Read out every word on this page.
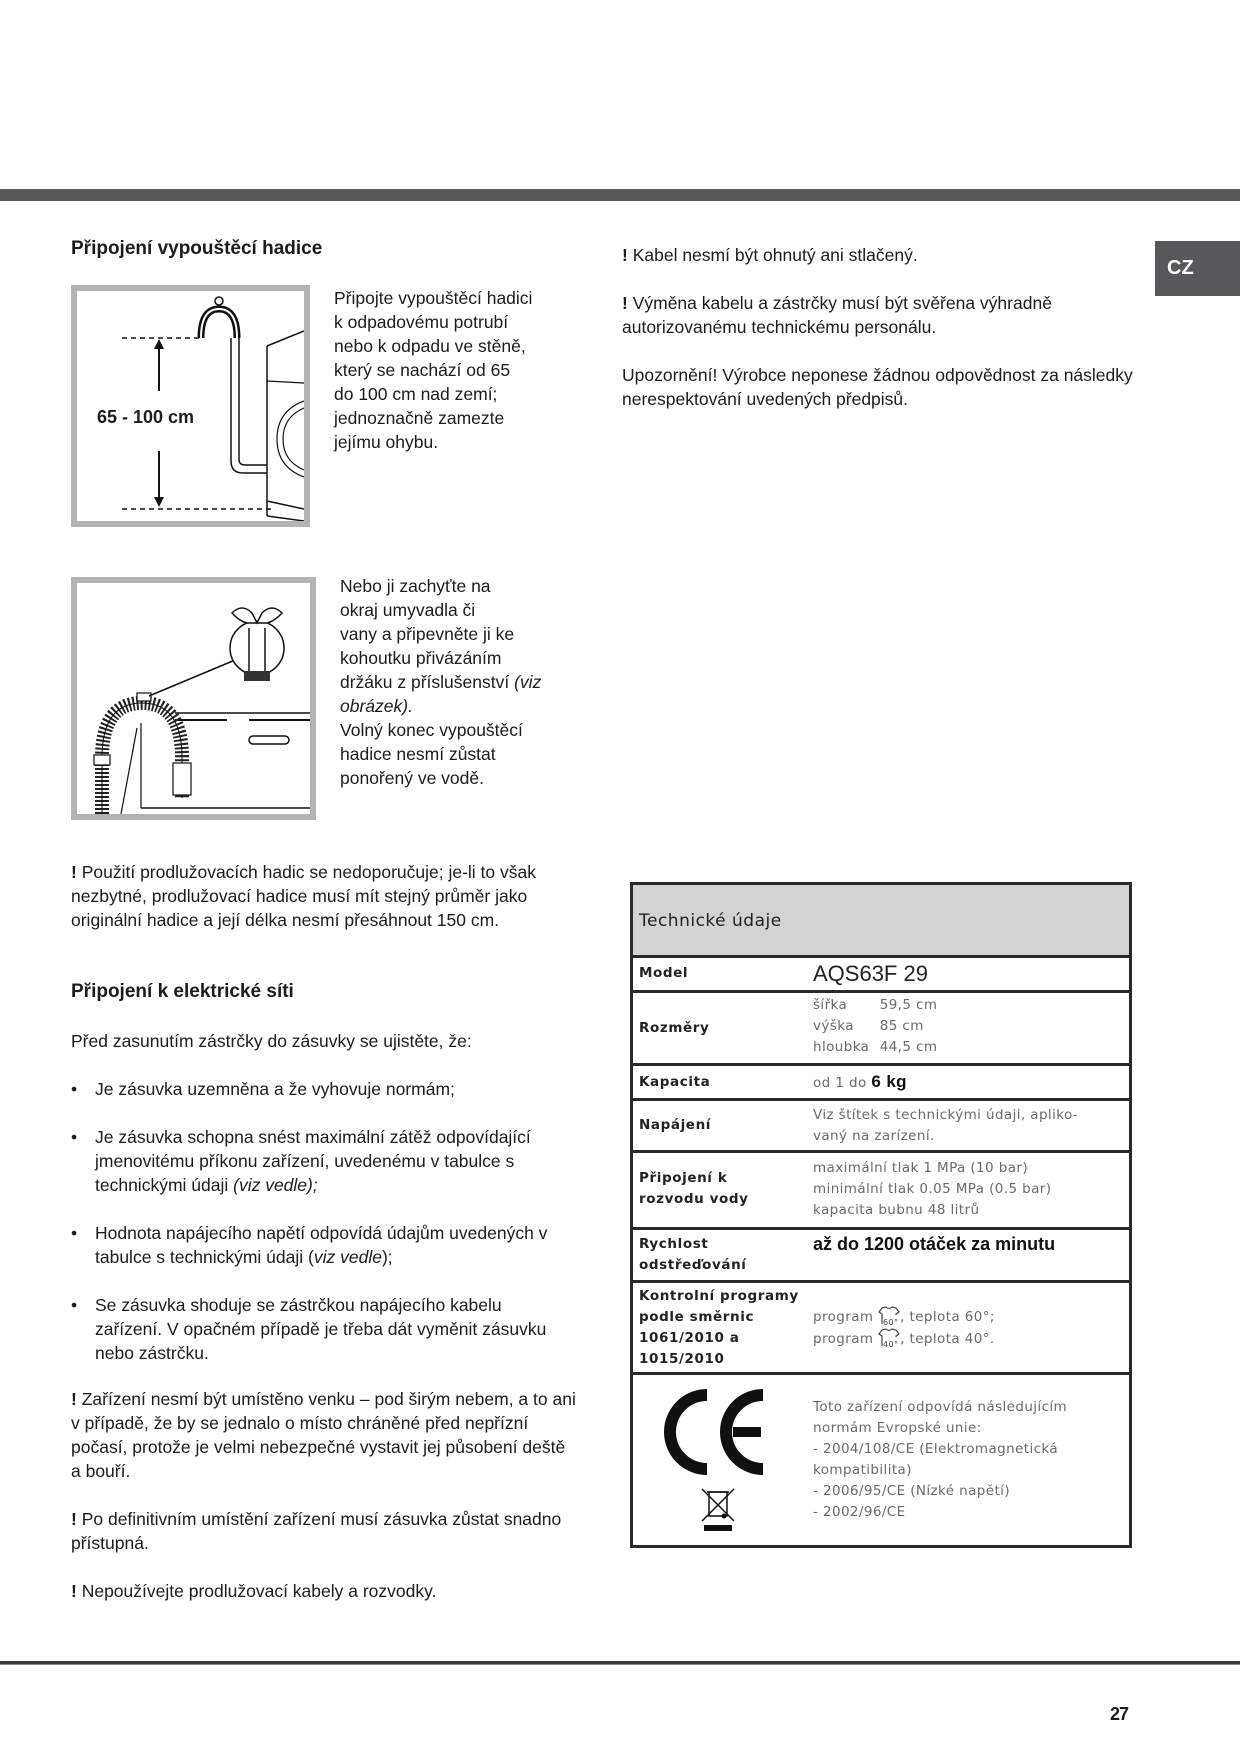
CZ
Připojení vypouštěcí hadice
65 - 100 cm
Připojte vypouštěcí hadici
k odpadovému potrubí
nebo k odpadu ve stěně,
který se nachází od 65
do 100 cm nad zemí;
jednoznačně zamezte
jejímu ohybu.
Nebo ji zachyťte na
okraj umyvadla či
vany a připevněte ji ke
kohoutku přivázáním
držáku z příslušenství (viz
obrázek).
Volný konec vypouštěcí
hadice nesmí zůstat
ponořený ve vodě.
! Kabel nesmí být ohnutý ani stlačený.
! Výměna kabelu a zástrčky musí být svěřena výhradně autorizovanému technickému personálu.
Upozornění! Výrobce neponese žádnou odpovědnost za následky nerespektování uvedených předpisů.
! Použití prodlužovacích hadic se nedoporučuje; je-li to však nezbytné, prodlužovací hadice musí mít stejný průměr jako originální hadice a její délka nesmí přesáhnout 150 cm.
Připojení k elektrické síti
Před zasunutím zástrčky do zásuvky se ujistěte, že:
• Je zásuvka uzemněna a že vyhovuje normám;
• Je zásuvka schopna snést maximální zátěž odpovídající jmenovitému příkonu zařízení, uvedenému v tabulce s technickými údaji (viz vedle);
• Hodnota napájecího napětí odpovídá údajům uvedených v tabulce s technickými údaji (viz vedle);
• Se zásuvka shoduje se zástrčkou napájecího kabelu zařízení. V opačném případě je třeba dát vyměnit zásuvku nebo zástrčku.
! Zařízení nesmí být umístěno venku – pod širým nebem, a to ani v případě, že by se jednalo o místo chráněné před nepřízní počasí, protože je velmi nebezpečné vystavit jej působení deště a bouří.
! Po definitivním umístění zařízení musí zásuvka zůstat snadno přístupná.
! Nepoužívejte prodlužovací kabely a rozvodky.
Technické údaje
Model	AQS63F 29
Rozměry
šířka 59,5 cm
výška 85 cm
hloubka 44,5 cm
Kapacita	od 1 do 6 kg
Napájení
Viz štítek s technickými údaji, apliko-
vaný na zarízení.
Připojení k
rozvodu vody
maximální tlak 1 MPa (10 bar)
minimální tlak 0.05 MPa (0.5 bar)
kapacita bubnu 48 litrů
Rychlost
odstřeďování
až do 1200 otáček za minutu
Kontrolní programy
podle směrnic
1061/2010 a
1015/2010
program 60° , teplota 60°;
program 40° , teplota 40°.
Toto zařízení odpovídá následujícím
normám Evropské unie:
- 2004/108/CE (Elektromagnetická
kompatibilita)
- 2006/95/CE (Nízké napětí)
- 2002/96/CE
27
